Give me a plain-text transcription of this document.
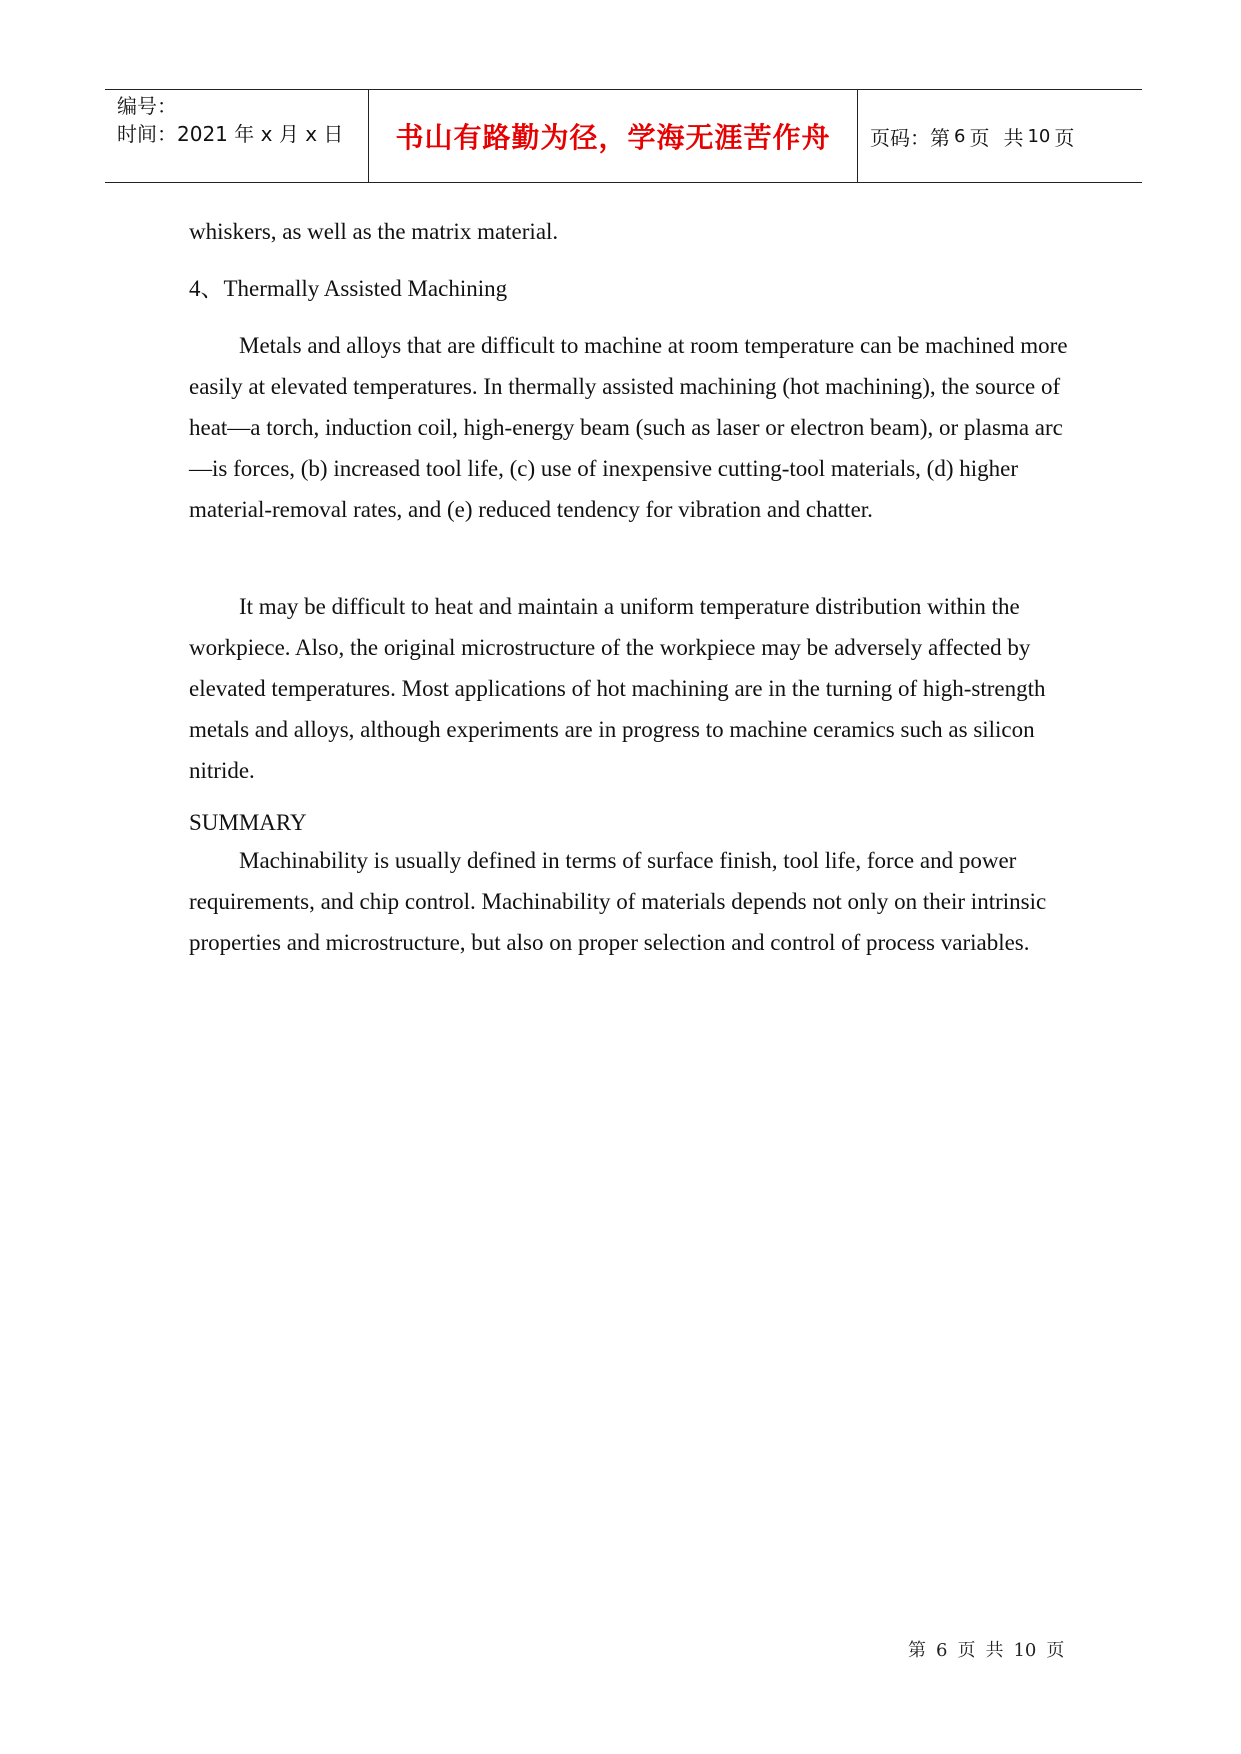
编号：
时间：2021 年 x 月 x 日	书山有路勤为径，学海无涯苦作舟	页码： 第 6 页 共 10 页

whiskers, as well as the matrix material.

4、Thermally Assisted Machining

Metals and alloys that are difficult to machine at room temperature can be machined more easily at elevated temperatures. In thermally assisted machining (hot machining), the source of heat—a torch, induction coil, high-energy beam (such as laser or electron beam), or plasma arc—is forces, (b) increased tool life, (c) use of inexpensive cutting-tool materials, (d) higher material-removal rates, and (e) reduced tendency for vibration and chatter.

It may be difficult to heat and maintain a uniform temperature distribution within the workpiece. Also, the original microstructure of the workpiece may be adversely affected by elevated temperatures. Most applications of hot machining are in the turning of high-strength metals and alloys, although experiments are in progress to machine ceramics such as silicon nitride.

SUMMARY

Machinability is usually defined in terms of surface finish, tool life, force and power requirements, and chip control. Machinability of materials depends not only on their intrinsic properties and microstructure, but also on proper selection and control of process variables.

第 6 页 共 10 页
